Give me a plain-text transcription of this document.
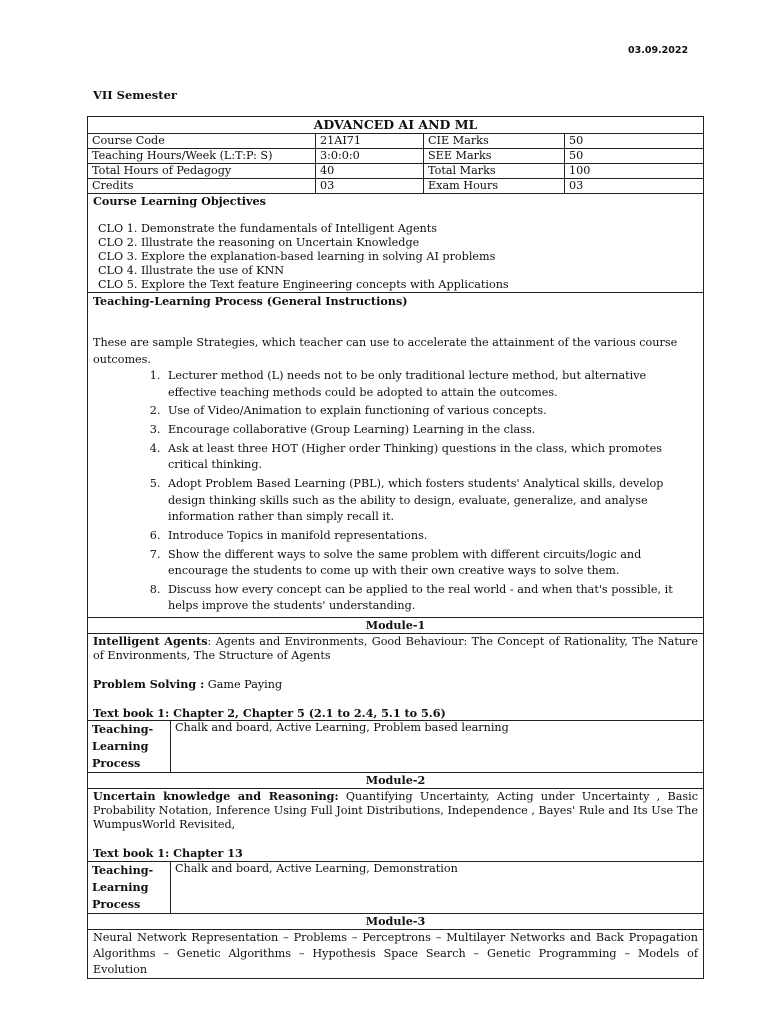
03.09.2022
VII Semester
ADVANCED AI AND ML
Course Code	21AI71	CIE Marks	50
Teaching Hours/Week (L:T:P: S)	3:0:0:0	SEE Marks	50
Total Hours of Pedagogy	40	Total Marks	100
Credits	03	Exam Hours	03

Course Learning Objectives
CLO 1. Demonstrate the fundamentals of Intelligent Agents
CLO 2. Illustrate the reasoning on Uncertain Knowledge
CLO 3. Explore the explanation-based learning in solving AI problems
CLO 4. Illustrate the use of KNN
CLO 5. Explore the Text feature Engineering concepts with Applications

Teaching-Learning Process (General Instructions)
These are sample Strategies, which teacher can use to accelerate the attainment of the various course outcomes.
1. Lecturer method (L) needs not to be only traditional lecture method, but alternative effective teaching methods could be adopted to attain the outcomes.
2. Use of Video/Animation to explain functioning of various concepts.
3. Encourage collaborative (Group Learning) Learning in the class.
4. Ask at least three HOT (Higher order Thinking) questions in the class, which promotes critical thinking.
5. Adopt Problem Based Learning (PBL), which fosters students' Analytical skills, develop design thinking skills such as the ability to design, evaluate, generalize, and analyse information rather than simply recall it.
6. Introduce Topics in manifold representations.
7. Show the different ways to solve the same problem with different circuits/logic and encourage the students to come up with their own creative ways to solve them.
8. Discuss how every concept can be applied to the real world - and when that's possible, it helps improve the students' understanding.

Module-1

Intelligent Agents: Agents and Environments, Good Behaviour: The Concept of Rationality, The Nature of Environments, The Structure of Agents
Problem Solving : Game Paying
Text book 1: Chapter 2, Chapter 5 (2.1 to 2.4, 5.1 to 5.6)

Teaching-Learning Process	Chalk and board, Active Learning, Problem based learning

Module-2

Uncertain knowledge and Reasoning: Quantifying Uncertainty, Acting under Uncertainty , Basic Probability Notation, Inference Using Full Joint Distributions, Independence , Bayes' Rule and Its Use The WumpusWorld Revisited,
Text book 1: Chapter 13

Teaching-Learning Process	Chalk and board, Active Learning, Demonstration

Module-3

Neural Network Representation – Problems – Perceptrons – Multilayer Networks and Back Propagation Algorithms – Genetic Algorithms – Hypothesis Space Search – Genetic Programming – Models of Evolution
